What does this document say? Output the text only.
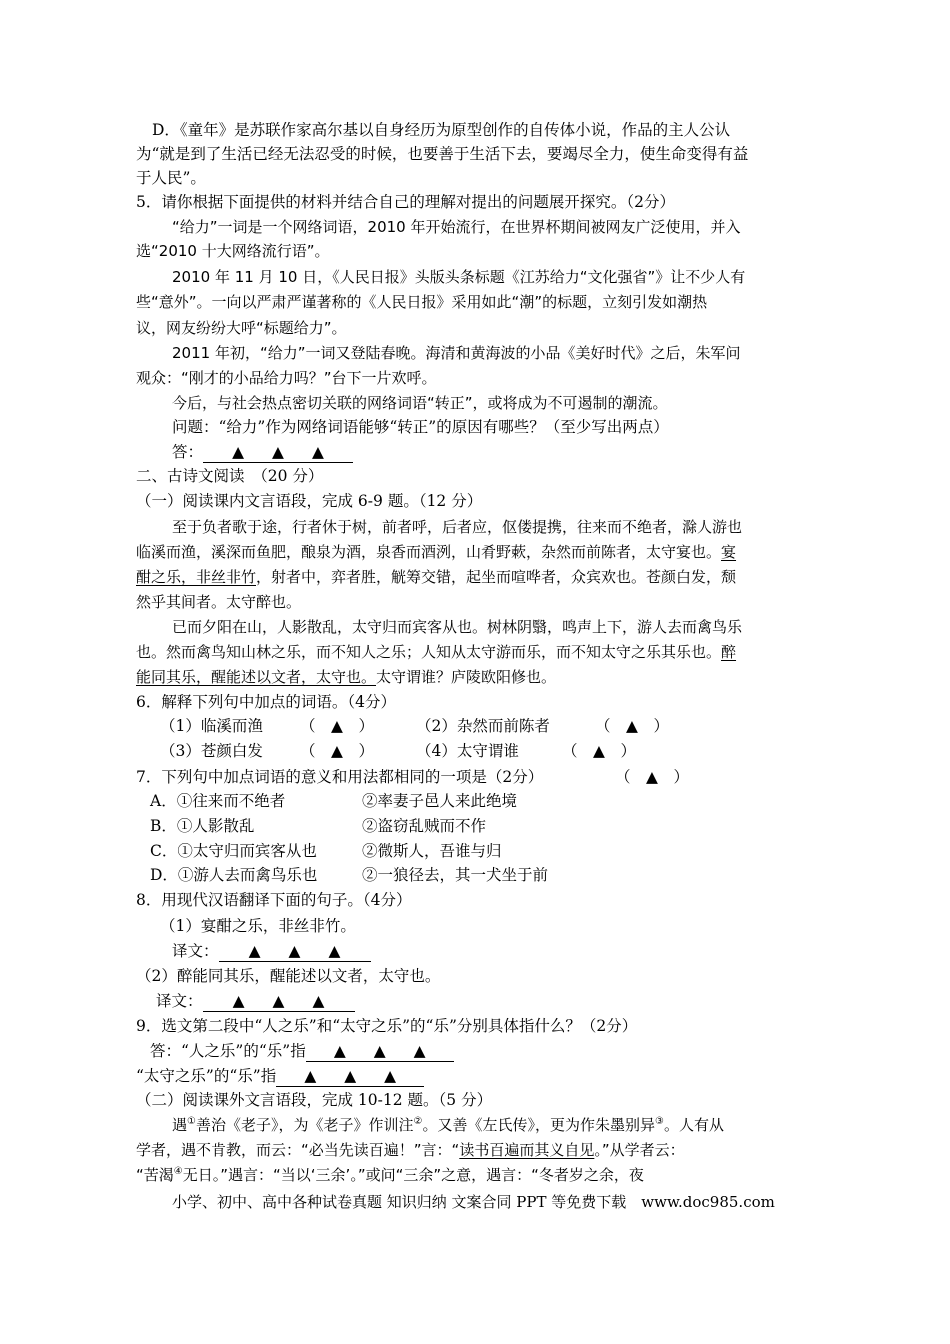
D．《童年》是苏联作家高尔基以自身经历为原型创作的自传体小说，作品的主人公认
为“就是到了生活已经无法忍受的时候，也要善于生活下去，要竭尽全力，使生命变得有益
于人民”。
5．请你根据下面提供的材料并结合自己的理解对提出的问题展开探究。（2分）
“给力”一词是一个网络词语，2010 年开始流行，在世界杯期间被网友广泛使用，并入
选“2010 十大网络流行语”。
2010 年 11 月 10 日，《人民日报》头版头条标题《江苏给力“文化强省”》让不少人有
些“意外”。一向以严肃严谨著称的《人民日报》采用如此“潮”的标题，立刻引发如潮热
议，网友纷纷大呼“标题给力”。
2011 年初，“给力”一词又登陆春晚。海清和黄海波的小品《美好时代》之后，朱军问
观众：“刚才的小品给力吗？”台下一片欢呼。
今后，与社会热点密切关联的网络词语“转正”，或将成为不可遏制的潮流。
问题：“给力”作为网络词语能够“转正”的原因有哪些？（至少写出两点）
答： ▲ ▲ ▲
二、古诗文阅读　（20 分）
（一）阅读课内文言语段，完成 6-9 题。（12 分）
至于负者歌于途，行者休于树，前者呼，后者应，伛偻提携，往来而不绝者，滁人游也
临溪而渔，溪深而鱼肥，酿泉为酒，泉香而酒洌，山肴野蔌，杂然而前陈者，太守宴也。宴
酣之乐，非丝非竹，射者中，弈者胜，觥筹交错，起坐而喧哗者，众宾欢也。苍颜白发，颓
然乎其间者。太守醉也。
已而夕阳在山，人影散乱，太守归而宾客从也。树林阴翳，鸣声上下，游人去而禽鸟乐
也。然而禽鸟知山林之乐，而不知人之乐；人知从太守游而乐，而不知太守之乐其乐也。醉
能同其乐，醒能述以文者，太守也。太守谓谁？庐陵欧阳修也。
6．解释下列句中加点的词语。（4分）
（1）临溪而渔 （　▲　）	（2）杂然而前陈者	（　▲　）
（3）苍颜白发 （　▲　）	（4）太守谓谁	（　▲　）
7．下列句中加点词语的意义和用法都相同的一项是（2分）	（　▲　）
A．①往来而不绝者	②率妻子邑人来此绝境
B．①人影散乱	②盗窃乱贼而不作
C．①太守归而宾客从也	②微斯人，吾谁与归
D．①游人去而禽鸟乐也	②一狼径去，其一犬坐于前
8．用现代汉语翻译下面的句子。（4分）
（1）宴酣之乐，非丝非竹。
译文： ▲ ▲ ▲
（2）醉能同其乐，醒能述以文者，太守也。
译文： ▲ ▲ ▲
9．选文第二段中“人之乐”和“太守之乐”的“乐”分别具体指什么？（2分）
答：“人之乐”的“乐”指 ▲ ▲ ▲
“太守之乐”的“乐”指 ▲ ▲ ▲
（二）阅读课外文言语段，完成 10-12 题。（5 分）
遇①善治《老子》，为《老子》作训注②。又善《左氏传》，更为作朱墨别异③。人有从
学者，遇不肯教，而云：“必当先读百遍！”言：“读书百遍而其义自见。”从学者云：
“苦渴④无日。”遇言：“当以‘三余’。”或问“三余”之意，遇言：“冬者岁之余，夜
小学、初中、高中各种试卷真题 知识归纳 文案合同 PPT 等免费下载　www.doc985.com
